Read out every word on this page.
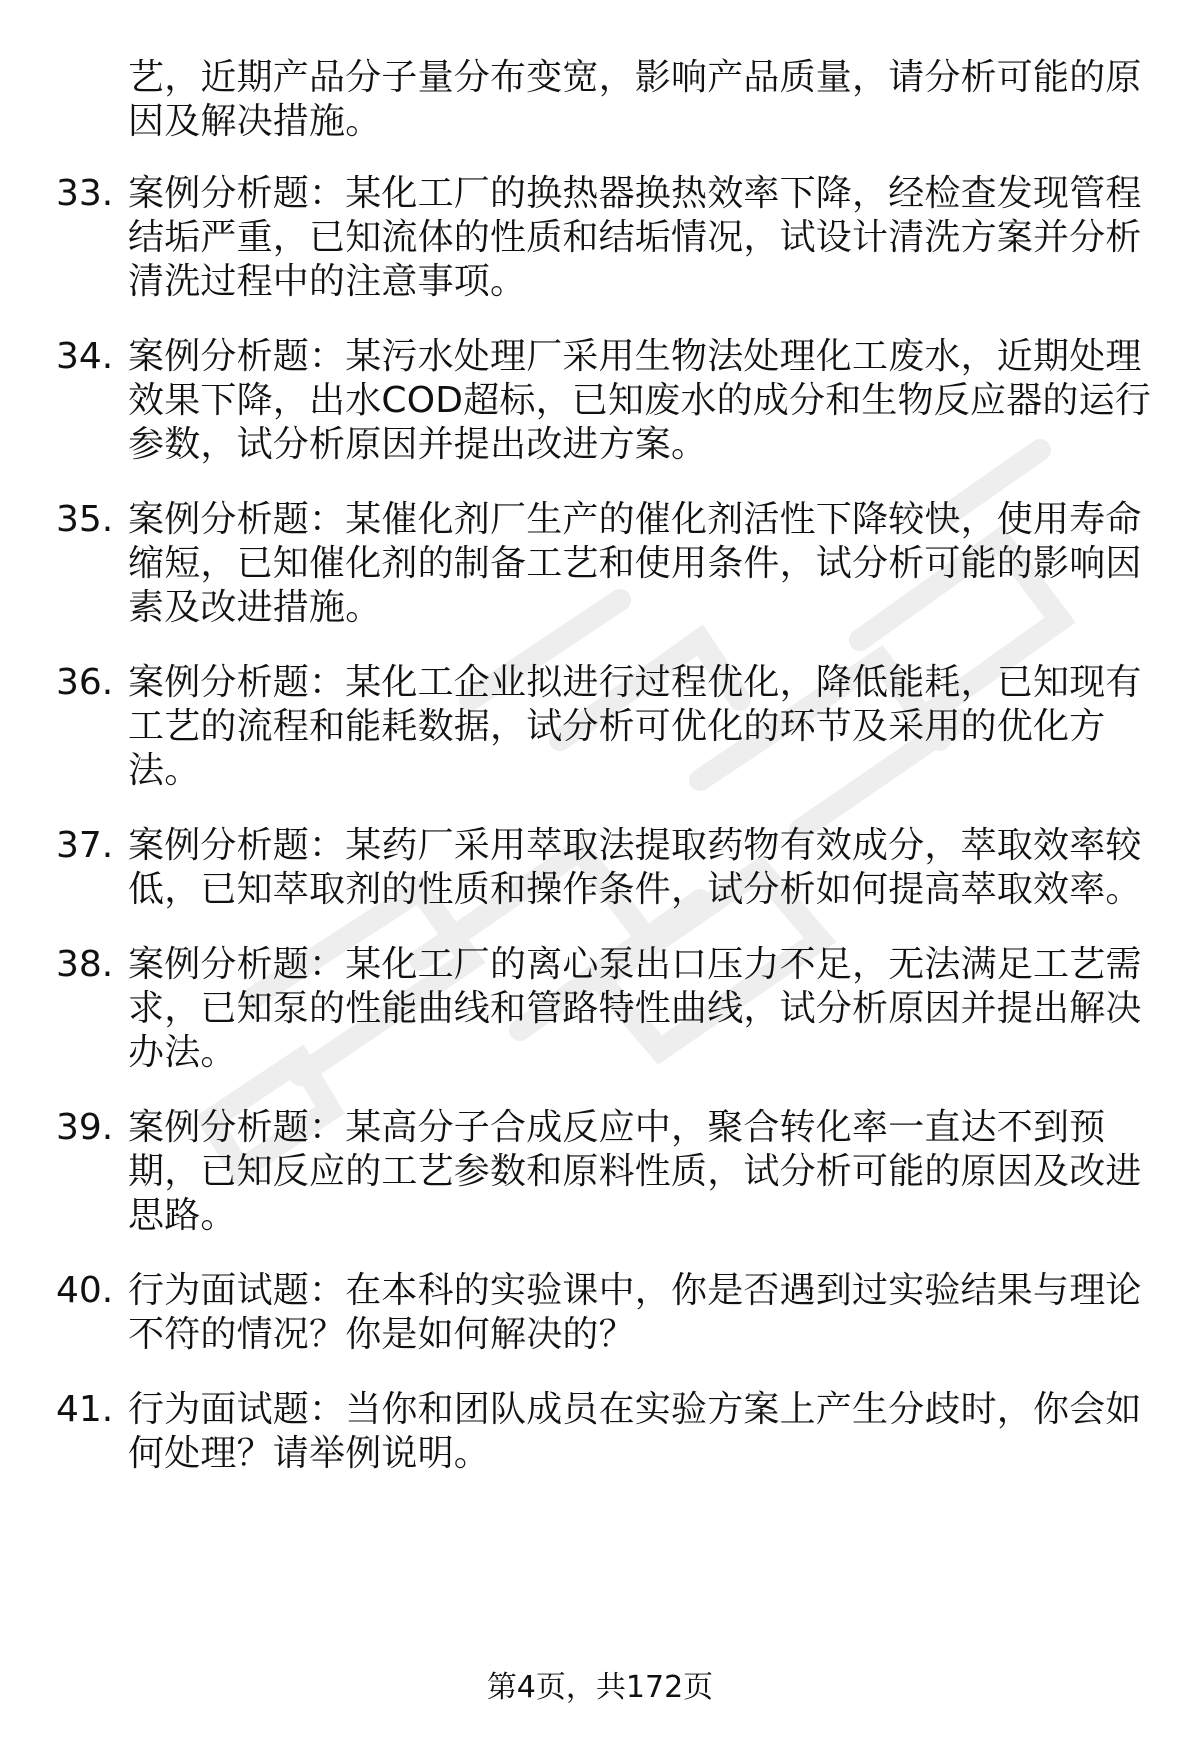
艺，近期产品分子量分布变宽，影响产品质量，请分析可能的原
因及解决措施。
33. 案例分析题：某化工厂的换热器换热效率下降，经检查发现管程
结垢严重，已知流体的性质和结垢情况，试设计清洗方案并分析
清洗过程中的注意事项。
34. 案例分析题：某污水处理厂采用生物法处理化工废水，近期处理
效果下降，出水COD超标，已知废水的成分和生物反应器的运行
参数，试分析原因并提出改进方案。
35. 案例分析题：某催化剂厂生产的催化剂活性下降较快，使用寿命
缩短，已知催化剂的制备工艺和使用条件，试分析可能的影响因
素及改进措施。
36. 案例分析题：某化工企业拟进行过程优化，降低能耗，已知现有
工艺的流程和能耗数据，试分析可优化的环节及采用的优化方
法。
37. 案例分析题：某药厂采用萃取法提取药物有效成分，萃取效率较
低，已知萃取剂的性质和操作条件，试分析如何提高萃取效率。
38. 案例分析题：某化工厂的离心泵出口压力不足，无法满足工艺需
求，已知泵的性能曲线和管路特性曲线，试分析原因并提出解决
办法。
39. 案例分析题：某高分子合成反应中，聚合转化率一直达不到预
期，已知反应的工艺参数和原料性质，试分析可能的原因及改进
思路。
40. 行为面试题：在本科的实验课中，你是否遇到过实验结果与理论
不符的情况？你是如何解决的？
41. 行为面试题：当你和团队成员在实验方案上产生分歧时，你会如
何处理？请举例说明。
第4页，共172页
